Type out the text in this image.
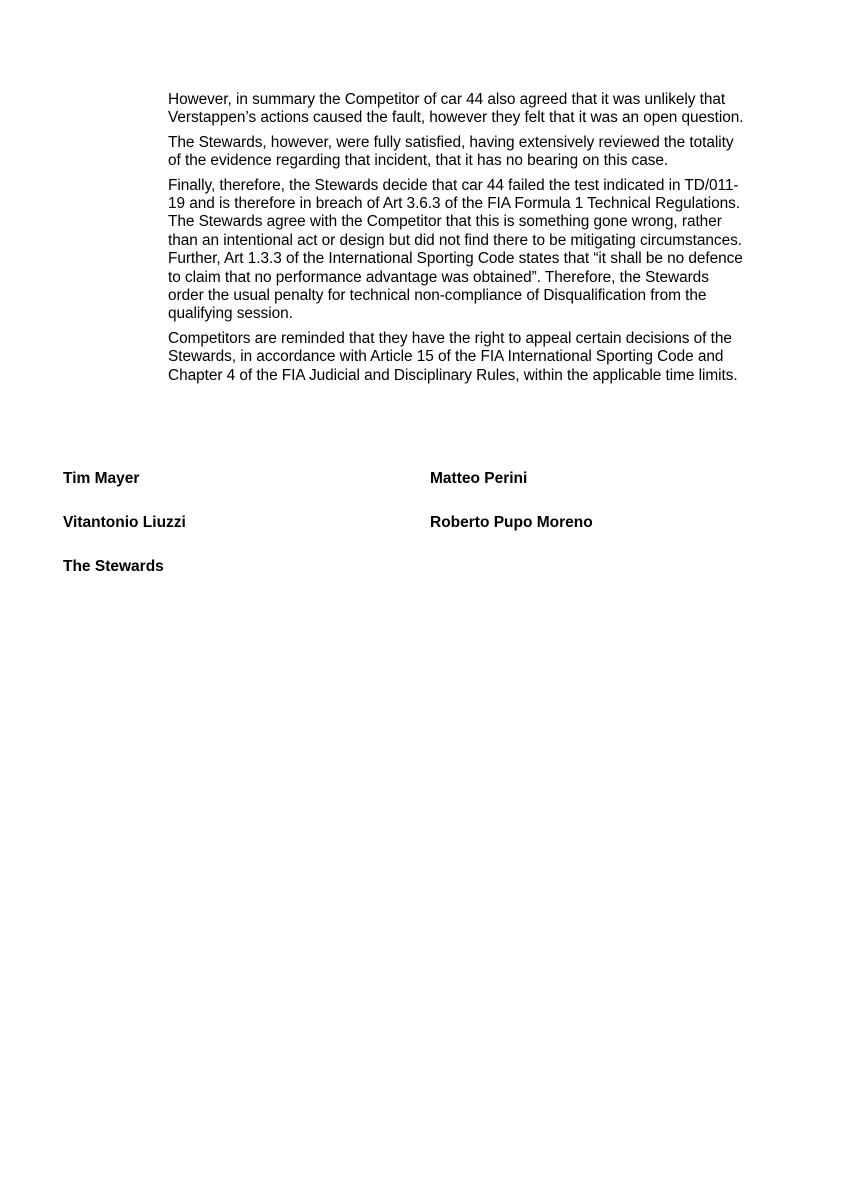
However, in summary the Competitor of car 44 also agreed that it was unlikely that
Verstappen’s actions caused the fault, however they felt that it was an open question.

The Stewards, however, were fully satisfied, having extensively reviewed the totality
of the evidence regarding that incident, that it has no bearing on this case.

Finally, therefore, the Stewards decide that car 44 failed the test indicated in TD/011-
19 and is therefore in breach of Art 3.6.3 of the FIA Formula 1 Technical Regulations.
The Stewards agree with the Competitor that this is something gone wrong, rather
than an intentional act or design but did not find there to be mitigating circumstances.
Further, Art 1.3.3 of the International Sporting Code states that “it shall be no defence
to claim that no performance advantage was obtained”. Therefore, the Stewards
order the usual penalty for technical non-compliance of Disqualification from the
qualifying session.

Competitors are reminded that they have the right to appeal certain decisions of the
Stewards, in accordance with Article 15 of the FIA International Sporting Code and
Chapter 4 of the FIA Judicial and Disciplinary Rules, within the applicable time limits.

Tim Mayer	Matteo Perini

Vitantonio Liuzzi	Roberto Pupo Moreno

The Stewards
